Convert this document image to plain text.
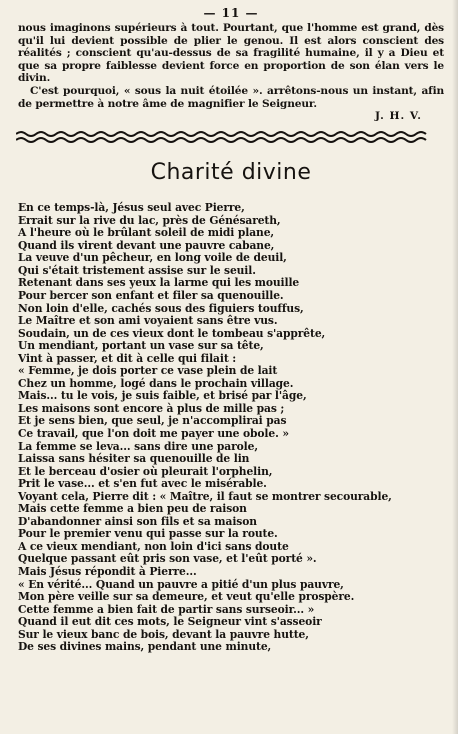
— 11 —

nous imaginons supérieurs à tout. Pourtant, que l'homme est grand, dès qu'il lui devient possible de plier le genou. Il est alors conscient des réalités ; conscient qu'au-dessus de sa fragilité humaine, il y a Dieu et que sa propre faiblesse devient force en proportion de son élan vers le divin.

C'est pourquoi, « sous la nuit étoilée ». arrêtons-nous un instant, afin de permettre à notre âme de magnifier le Seigneur.

J. H. V.
Charité divine
En ce temps-là, Jésus seul avec Pierre,
Errait sur la rive du lac, près de Génésareth,
A l'heure où le brûlant soleil de midi plane,
Quand ils virent devant une pauvre cabane,
La veuve d'un pêcheur, en long voile de deuil,
Qui s'était tristement assise sur le seuil.
Retenant dans ses yeux la larme qui les mouille
Pour bercer son enfant et filer sa quenouille.
Non loin d'elle, cachés sous des figuiers touffus,
Le Maître et son ami voyaient sans être vus.
Soudain, un de ces vieux dont le tombeau s'apprête,
Un mendiant, portant un vase sur sa tête,
Vint à passer, et dit à celle qui filait :
« Femme, je dois porter ce vase plein de lait
Chez un homme, logé dans le prochain village.
Mais... tu le vois, je suis faible, et brisé par l'âge,
Les maisons sont encore à plus de mille pas ;
Et je sens bien, que seul, je n'accomplirai pas
Ce travail, que l'on doit me payer une obole. »
La femme se leva... sans dire une parole,
Laissa sans hésiter sa quenouille de lin
Et le berceau d'osier où pleurait l'orphelin,
Prit le vase... et s'en fut avec le misérable.
Voyant cela, Pierre dit : « Maître, il faut se montrer secourable,
Mais cette femme a bien peu de raison
D'abandonner ainsi son fils et sa maison
Pour le premier venu qui passe sur la route.
A ce vieux mendiant, non loin d'ici sans doute
Quelque passant eût pris son vase, et l'eût porté ».
Mais Jésus répondit à Pierre...
« En vérité... Quand un pauvre a pitié d'un plus pauvre,
Mon père veille sur sa demeure, et veut qu'elle prospère.
Cette femme a bien fait de partir sans surseoir... »
Quand il eut dit ces mots, le Seigneur vint s'asseoir
Sur le vieux banc de bois, devant la pauvre hutte,
De ses divines mains, pendant une minute,
